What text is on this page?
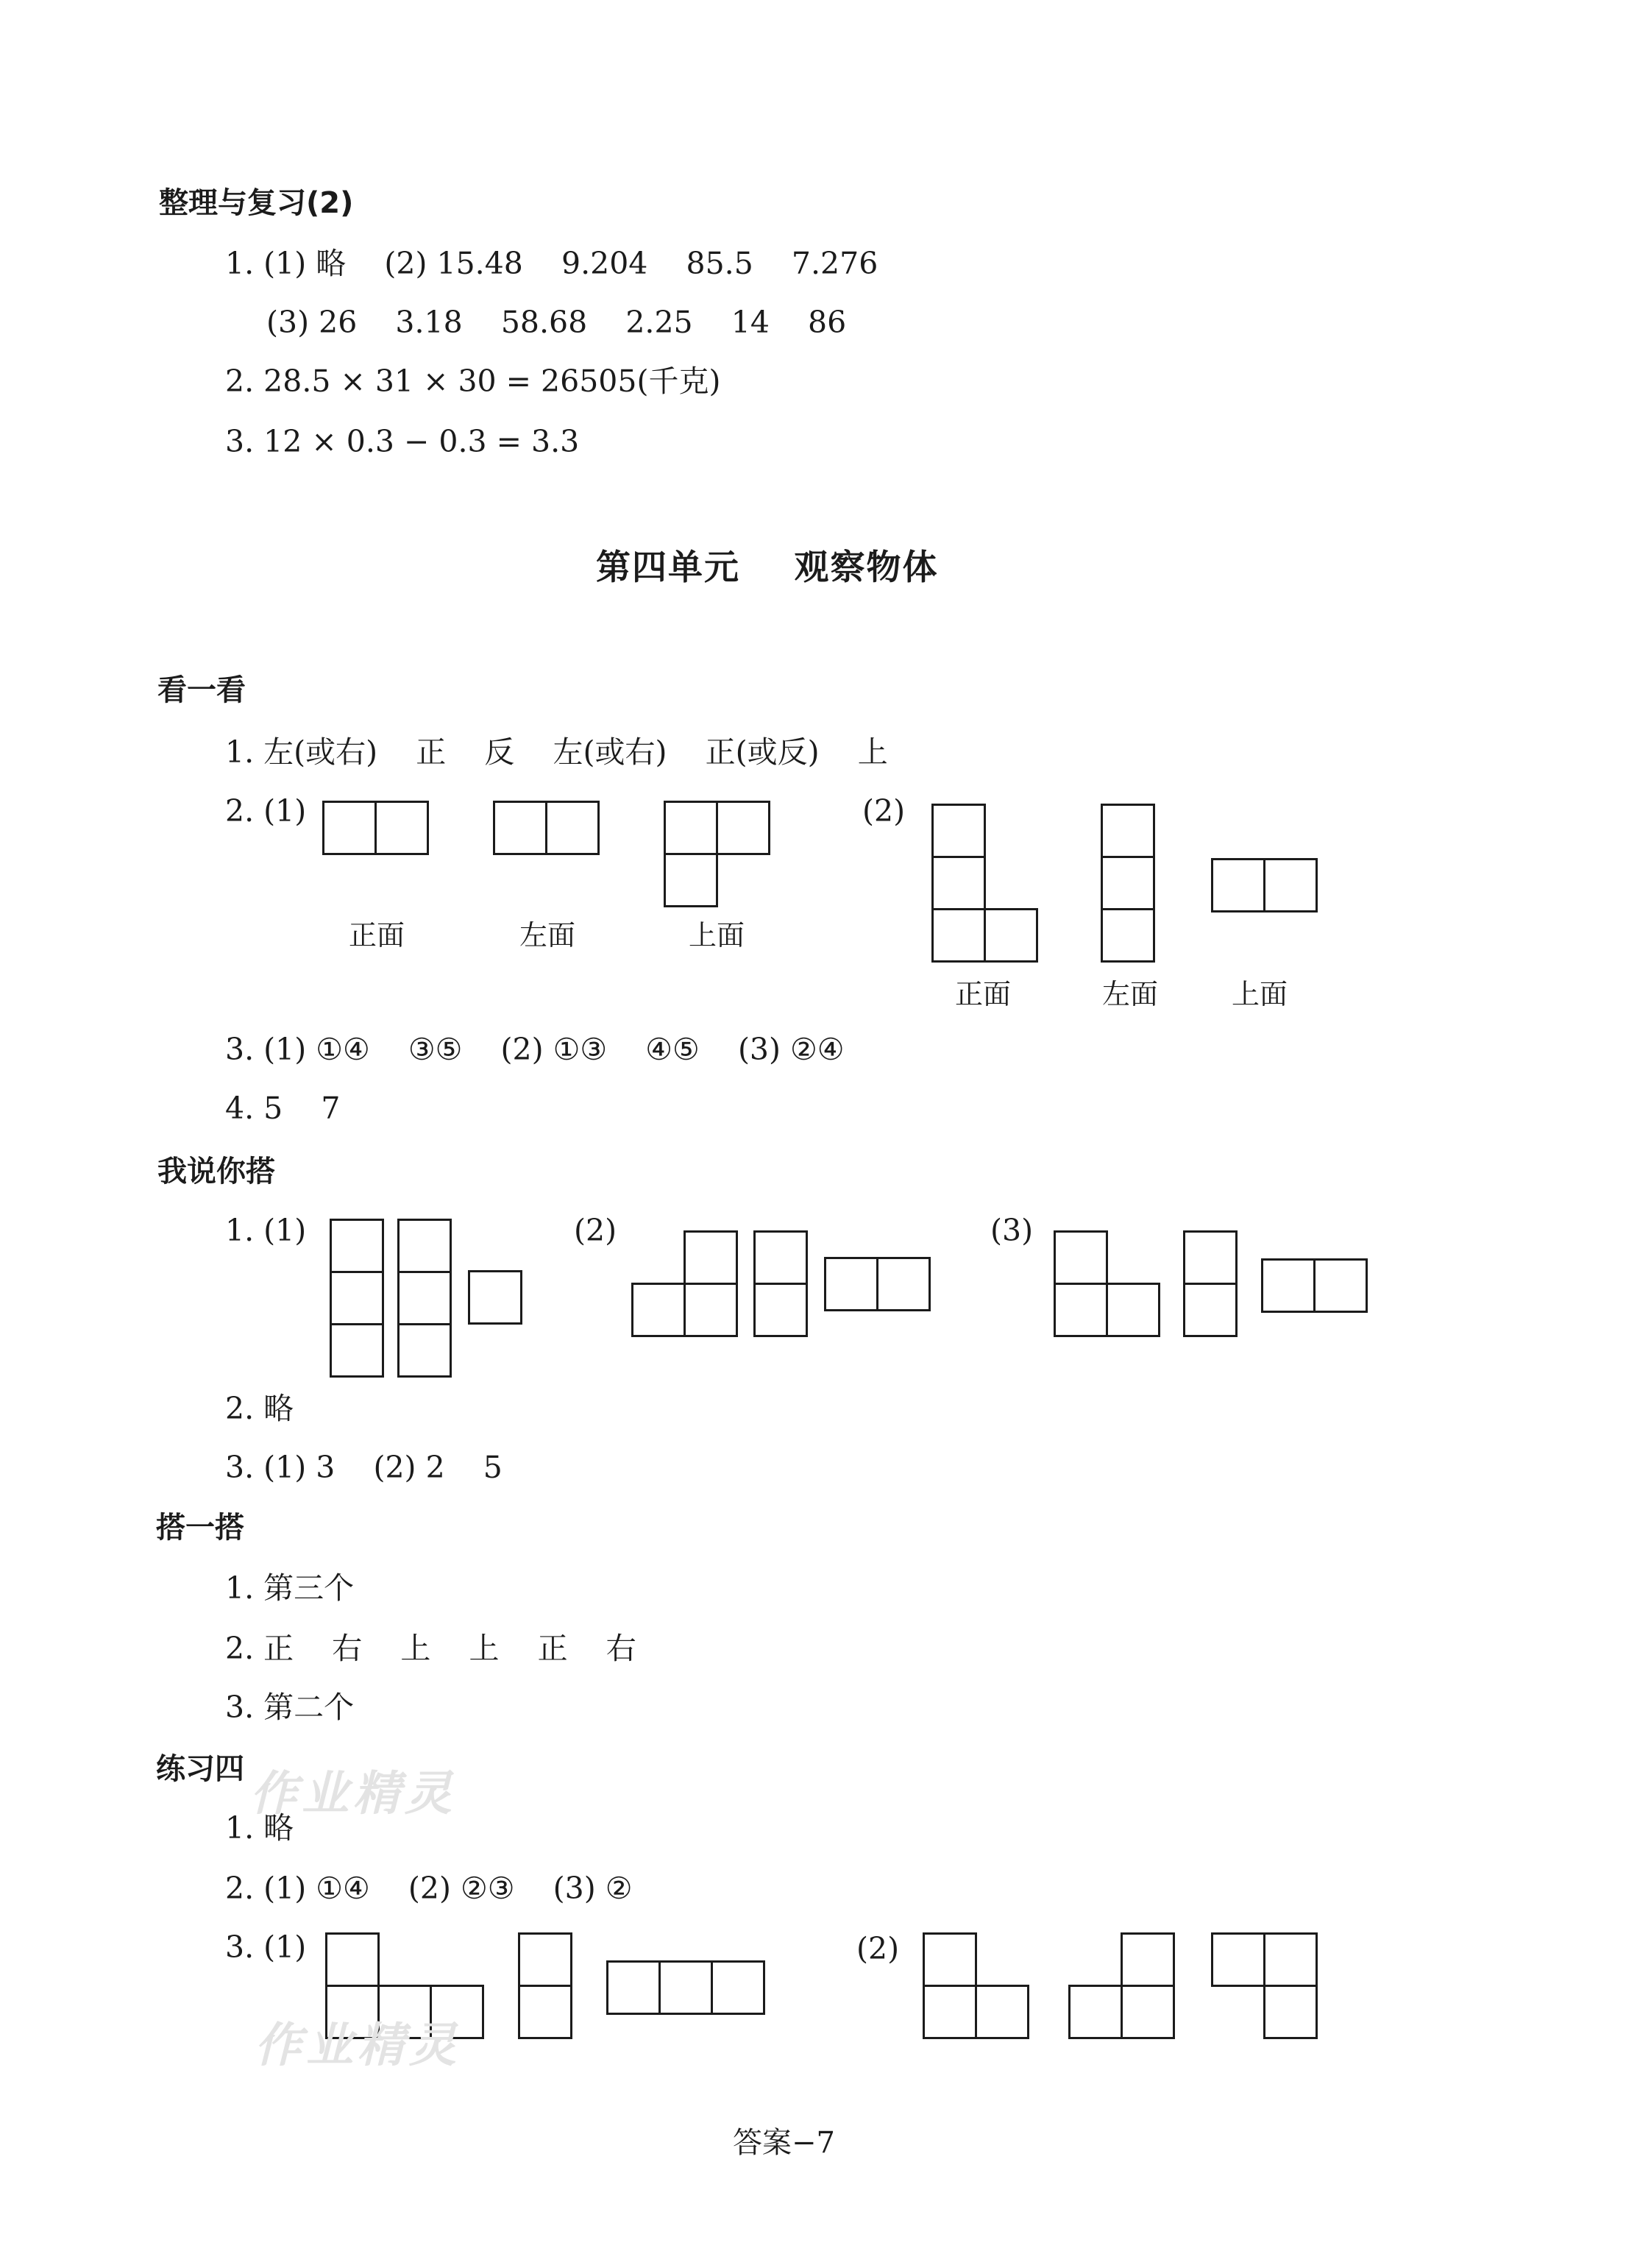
整理与复习(2)
1. (1) 略    (2) 15.48    9.204    85.5    7.276
(3) 26    3.18    58.68    2.25    14    86
2. 28.5 × 31 × 30 = 26505(千克)
3. 12 × 0.3 − 0.3 = 3.3
第四单元    观察物体
看一看
1. 左(或右)    正    反    左(或右)    正(或反)    上
2. (1)
正面	左面	上面
(2)
正面	左面	上面
3. (1) ①④    ③⑤    (2) ①③    ④⑤    (3) ②④
4. 5    7
我说你搭
1. (1)	(2)	(3)
2. 略
3. (1) 3    (2) 2    5
搭一搭
1. 第三个
2. 正    右    上    上    正    右
3. 第二个
练习四 作业精灵
1. 略
2. (1) ①④    (2) ②③    (3) ②
3. (1)	(2)
作业精灵
答案−7
